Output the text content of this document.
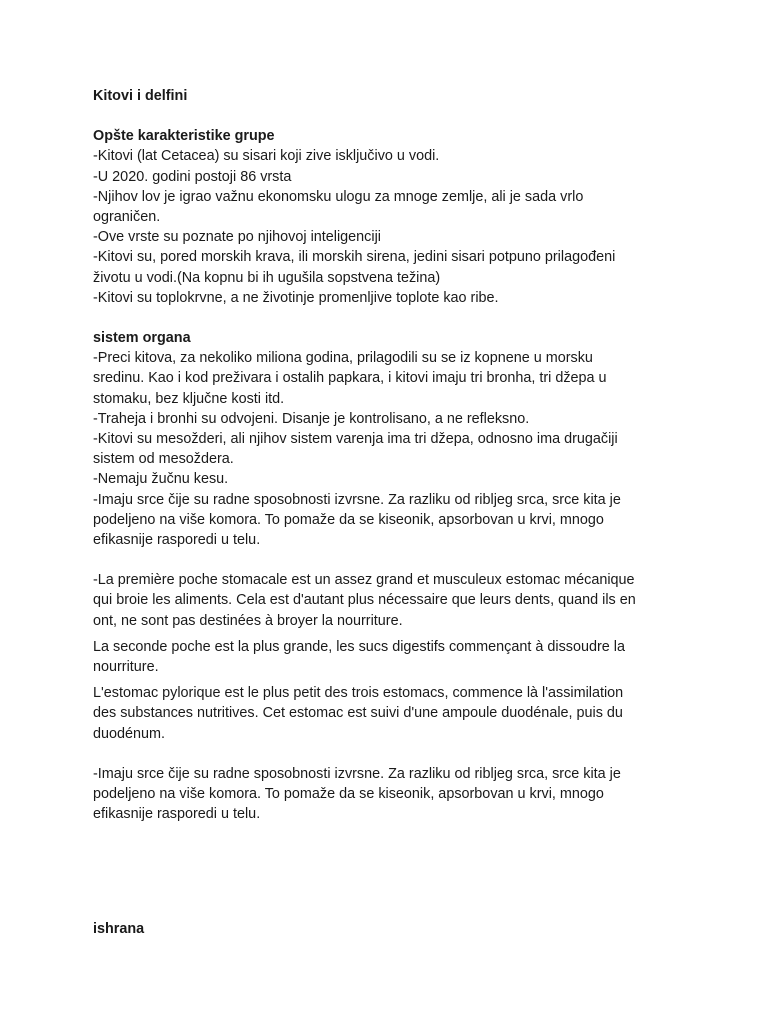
Kitovi i delfini
Opšte karakteristike grupe
-Kitovi (lat Cetacea) su sisari koji zive isključivo u vodi.
-U 2020. godini postoji 86 vrsta
-Njihov lov je igrao važnu ekonomsku ulogu za mnoge zemlje, ali je sada vrlo
ograničen.
-Ove vrste su poznate po njihovoj inteligenciji
-Kitovi su, pored morskih krava, ili morskih sirena, jedini sisari potpuno prilagođeni
životu u vodi.(Na kopnu bi ih ugušila sopstvena težina)
-Kitovi su toplokrvne, a ne životinje promenljive toplote kao ribe.
sistem organa
-Preci kitova, za nekoliko miliona godina, prilagodili su se iz kopnene u morsku
sredinu. Kao i kod preživara i ostalih papkara, i kitovi imaju tri bronha, tri džepa u
stomaku, bez ključne kosti itd.
-Traheja i bronhi su odvojeni. Disanje je kontrolisano, a ne refleksno.
-Kitovi su mesožderi, ali njihov sistem varenja ima tri džepa, odnosno ima drugačiji
sistem od mesoždera.
-Nemaju žučnu kesu.
-Imaju srce čije su radne sposobnosti izvrsne. Za razliku od ribljeg srca, srce kita je
podeljeno na više komora. To pomaže da se kiseonik, apsorbovan u krvi, mnogo
efikasnije rasporedi u telu.
-La première poche stomacale est un assez grand et musculeux estomac mécanique
qui broie les aliments. Cela est d'autant plus nécessaire que leurs dents, quand ils en
ont, ne sont pas destinées à broyer la nourriture.
La seconde poche est la plus grande, les sucs digestifs commençant à dissoudre la
nourriture.
L'estomac pylorique est le plus petit des trois estomacs, commence là l'assimilation
des substances nutritives. Cet estomac est suivi d'une ampoule duodénale, puis du
duodénum.
-Imaju srce čije su radne sposobnosti izvrsne. Za razliku od ribljeg srca, srce kita je
podeljeno na više komora. To pomaže da se kiseonik, apsorbovan u krvi, mnogo
efikasnije rasporedi u telu.
ishrana
